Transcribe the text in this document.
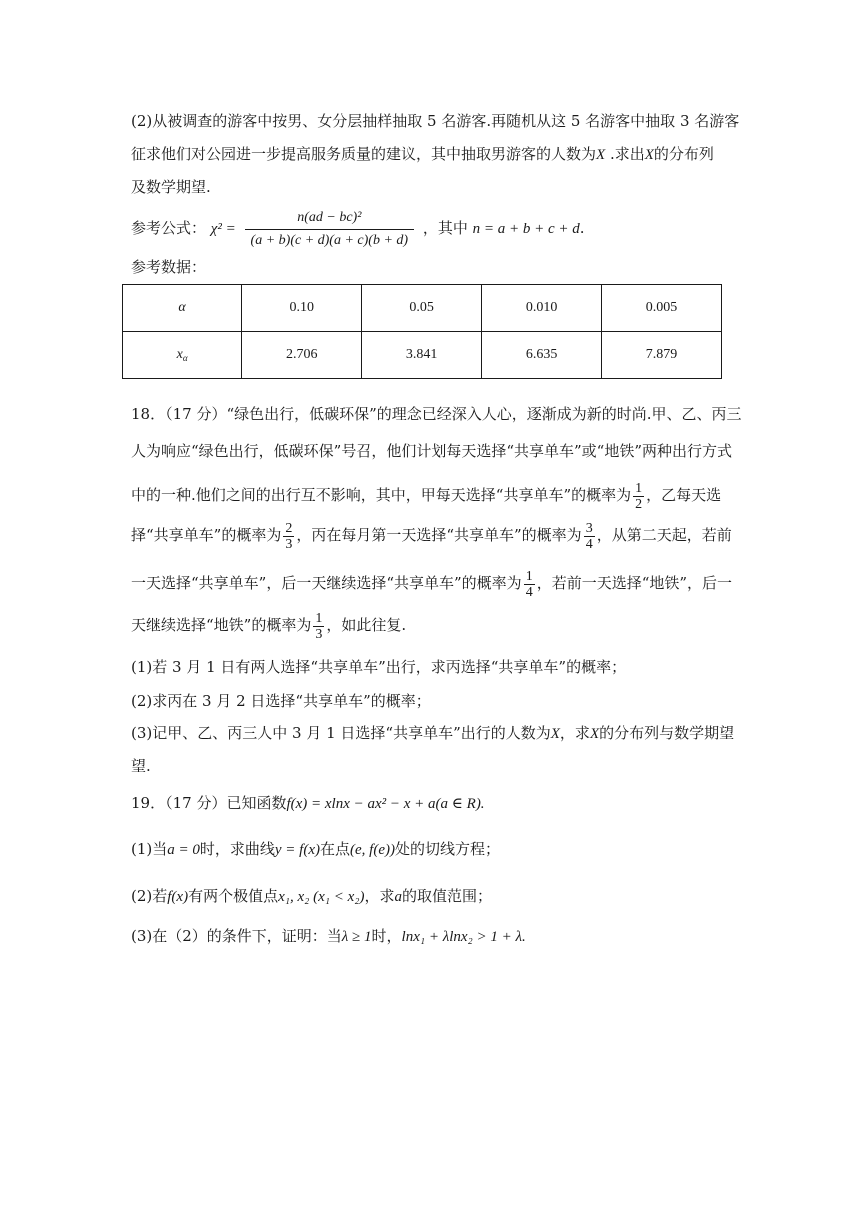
(2)从被调查的游客中按男、女分层抽样抽取 5 名游客.再随机从这 5 名游客中抽取 3 名游客
征求他们对公园进一步提高服务质量的建议，其中抽取男游客的人数为X .求出X的分布列
及数学期望.
参考公式： $\chi^2 = \frac{\text{n(ad − bc)²}}{(a + b)(c + d)(a + c)(b + d)}$ ，其中 n = a + b + c + d.
参考数据：
α	0.10	0.05	0.010	0.005
$x_\alpha$	2.706	3.841	6.635	7.879
18．（17 分）“绿色出行，低碳环保”的理念已经深入人心，逐渐成为新的时尚.甲、乙、丙三
人为响应“绿色出行，低碳环保”号召，他们计划每天选择“共享单车”或“地铁”两种出行方式
中的一种.他们之间的出行互不影响，其中，甲每天选择“共享单车”的概率为 $\frac{1}{2}$ ，乙每天选
择“共享单车”的概率为 $\frac{2}{3}$ ，丙在每月第一天选择“共享单车”的概率为 $\frac{3}{4}$ ，从第二天起，若前
一天选择“共享单车”，后一天继续选择“共享单车”的概率为 $\frac{1}{4}$ ，若前一天选择“地铁”，后一
天继续选择“地铁”的概率为 $\frac{1}{3}$ ，如此往复.
(1)若 3 月 1 日有两人选择“共享单车”出行，求丙选择“共享单车”的概率；
(2)求丙在 3 月 2 日选择“共享单车”的概率；
(3)记甲、乙、丙三人中 3 月 1 日选择“共享单车”出行的人数为X，求X的分布列与数学期望
望.
19．（17 分）已知函数f(x) = xlnx − ax² − x + a(a ∈ R).
(1)当a = 0时，求曲线y = f(x)在点(e, f(e))处的切线方程；
(2)若f(x)有两个极值点x₁, x₂ (x₁ < x₂)，求a的取值范围；
(3)在（2）的条件下，证明：当λ ≥ 1时，lnx₁ + λlnx₂ > 1 + λ.
